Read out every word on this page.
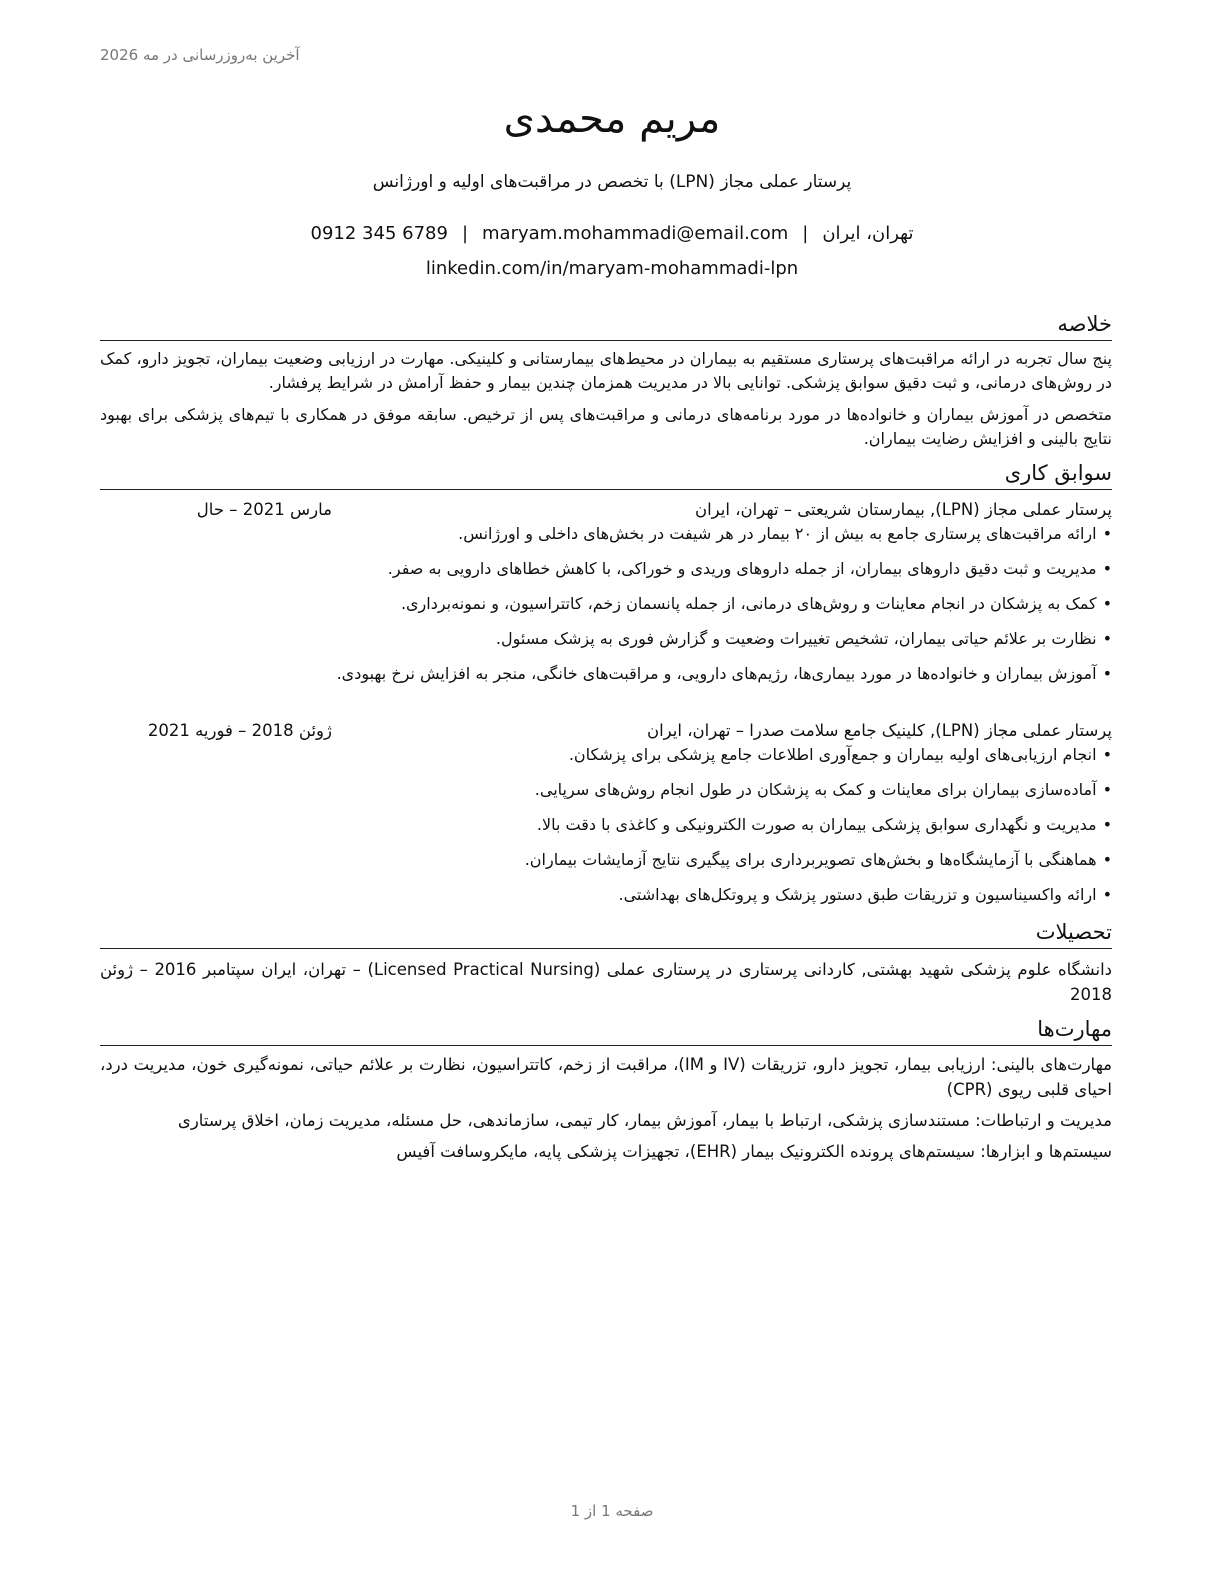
آخرین به‌روزرسانی در مه 2026
مریم محمدی
پرستار عملی مجاز (LPN) با تخصص در مراقبت‌های اولیه و اورژانس
تهران، ایران|maryam.mohammadi@email.com|0912 345 6789
linkedin.com/in/maryam-mohammadi-lpn
خلاصه

پنج سال تجربه در ارائه مراقبت‌های پرستاری مستقیم به بیماران در محیط‌های بیمارستانی و کلینیکی. مهارت در ارزیابی وضعیت بیماران، تجویز دارو، کمک در روش‌های درمانی، و ثبت دقیق سوابق پزشکی. توانایی بالا در مدیریت همزمان چندین بیمار و حفظ آرامش در شرایط پرفشار.

متخصص در آموزش بیماران و خانواده‌ها در مورد برنامه‌های درمانی و مراقبت‌های پس از ترخیص. سابقه موفق در همکاری با تیم‌های پزشکی برای بهبود نتایج بالینی و افزایش رضایت بیماران.

سوابق کاری
پرستار عملی مجاز (LPN), بیمارستان شریعتی – تهران، ایران
مارس 2021 – حال
•ارائه مراقبت‌های پرستاری جامع به بیش از ۲۰ بیمار در هر شیفت در بخش‌های داخلی و اورژانس.
•مدیریت و ثبت دقیق داروهای بیماران، از جمله داروهای وریدی و خوراکی، با کاهش خطاهای دارویی به صفر.
•کمک به پزشکان در انجام معاینات و روش‌های درمانی، از جمله پانسمان زخم، کاتتراسیون، و نمونه‌برداری.
•نظارت بر علائم حیاتی بیماران، تشخیص تغییرات وضعیت و گزارش فوری به پزشک مسئول.
•آموزش بیماران و خانواده‌ها در مورد بیماری‌ها، رژیم‌های دارویی، و مراقبت‌های خانگی، منجر به افزایش نرخ بهبودی.
پرستار عملی مجاز (LPN), کلینیک جامع سلامت صدرا – تهران، ایران
ژوئن 2018 – فوریه 2021
•انجام ارزیابی‌های اولیه بیماران و جمع‌آوری اطلاعات جامع پزشکی برای پزشکان.
•آماده‌سازی بیماران برای معاینات و کمک به پزشکان در طول انجام روش‌های سرپایی.
•مدیریت و نگهداری سوابق پزشکی بیماران به صورت الکترونیکی و کاغذی با دقت بالا.
•هماهنگی با آزمایشگاه‌ها و بخش‌های تصویربرداری برای پیگیری نتایج آزمایشات بیماران.
•ارائه واکسیناسیون و تزریقات طبق دستور پزشک و پروتکل‌های بهداشتی.
تحصیلات
دانشگاه علوم پزشکی شهید بهشتی, کاردانی پرستاری در پرستاری عملی (Licensed Practical Nursing) – تهران، ایران سپتامبر 2016 – ژوئن 2018
مهارت‌ها
مهارت‌های بالینی: ارزیابی بیمار، تجویز دارو، تزریقات (IV و IM)، مراقبت از زخم، کاتتراسیون، نظارت بر علائم حیاتی، نمونه‌گیری خون، مدیریت درد، احیای قلبی ریوی (CPR)
مدیریت و ارتباطات: مستندسازی پزشکی، ارتباط با بیمار، آموزش بیمار، کار تیمی، سازماندهی، حل مسئله، مدیریت زمان، اخلاق پرستاری
سیستم‌ها و ابزارها: سیستم‌های پرونده الکترونیک بیمار (EHR)، تجهیزات پزشکی پایه، مایکروسافت آفیس
صفحه 1 از 1
